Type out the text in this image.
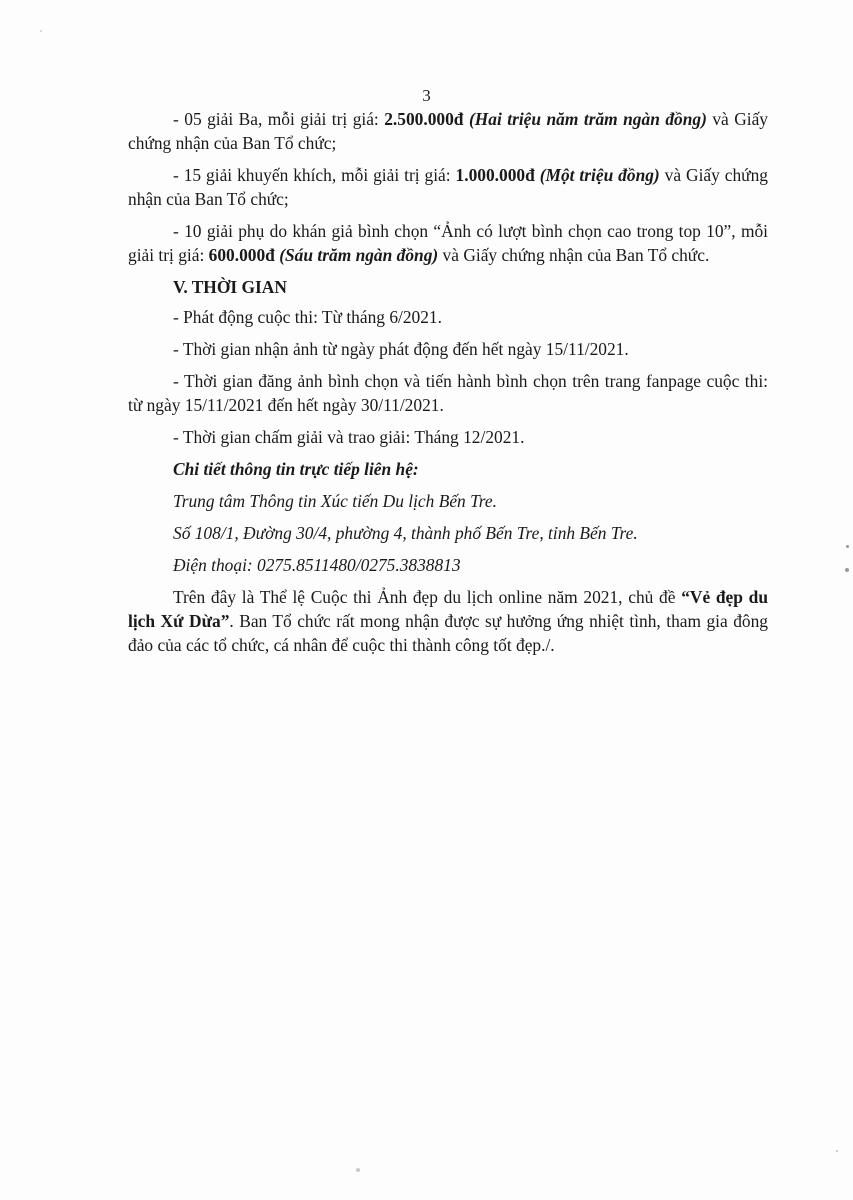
3

- 05 giải Ba, mỗi giải trị giá: 2.500.000đ (Hai triệu năm trăm ngàn đồng) và Giấy chứng nhận của Ban Tổ chức;

- 15 giải khuyến khích, mỗi giải trị giá: 1.000.000đ (Một triệu đồng) và Giấy chứng nhận của Ban Tổ chức;

- 10 giải phụ do khán giả bình chọn “Ảnh có lượt bình chọn cao trong top 10”, mỗi giải trị giá: 600.000đ (Sáu trăm ngàn đồng) và Giấy chứng nhận của Ban Tổ chức.

V. THỜI GIAN

- Phát động cuộc thi: Từ tháng 6/2021.

- Thời gian nhận ảnh từ ngày phát động đến hết ngày 15/11/2021.

- Thời gian đăng ảnh bình chọn và tiến hành bình chọn trên trang fanpage cuộc thi: từ ngày 15/11/2021 đến hết ngày 30/11/2021.

- Thời gian chấm giải và trao giải: Tháng 12/2021.

Chi tiết thông tin trực tiếp liên hệ:

Trung tâm Thông tin Xúc tiến Du lịch Bến Tre.

Số 108/1, Đường 30/4, phường 4, thành phố Bến Tre, tỉnh Bến Tre.

Điện thoại: 0275.8511480/0275.3838813

Trên đây là Thể lệ Cuộc thi Ảnh đẹp du lịch online năm 2021, chủ đề “Vẻ đẹp du lịch Xứ Dừa”. Ban Tổ chức rất mong nhận được sự hưởng ứng nhiệt tình, tham gia đông đảo của các tổ chức, cá nhân để cuộc thi thành công tốt đẹp./.
